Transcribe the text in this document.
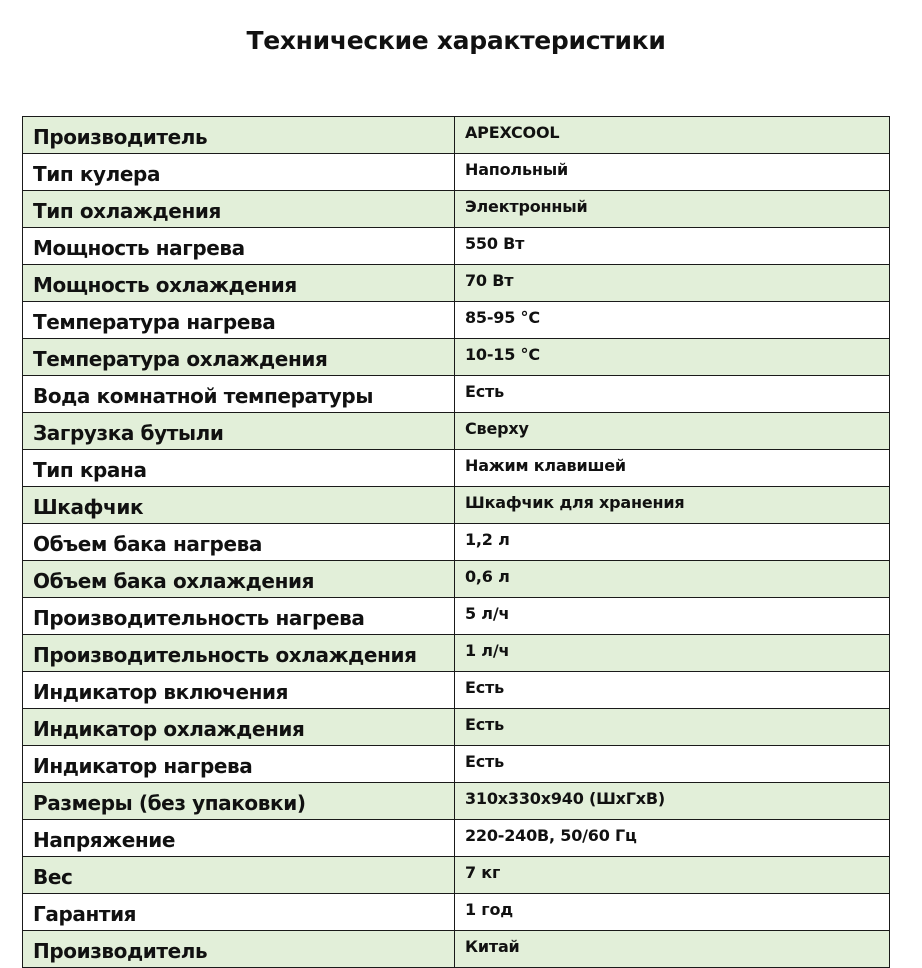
Технические характеристики
Производитель	APEXCOOL
Тип кулера	Напольный
Тип охлаждения	Электронный
Мощность нагрева	550 Вт
Мощность охлаждения	70 Вт
Температура нагрева	85-95 °C
Температура охлаждения	10-15 °C
Вода комнатной температуры	Есть
Загрузка бутыли	Сверху
Тип крана	Нажим клавишей
Шкафчик	Шкафчик для хранения
Объем бака нагрева	1,2 л
Объем бака охлаждения	0,6 л
Производительность нагрева	5 л/ч
Производительность охлаждения	1 л/ч
Индикатор включения	Есть
Индикатор охлаждения	Есть
Индикатор нагрева	Есть
Размеры (без упаковки)	310x330x940 (ШхГхВ)
Напряжение	220-240В, 50/60 Гц
Вес	7 кг
Гарантия	1 год
Производитель	Китай
